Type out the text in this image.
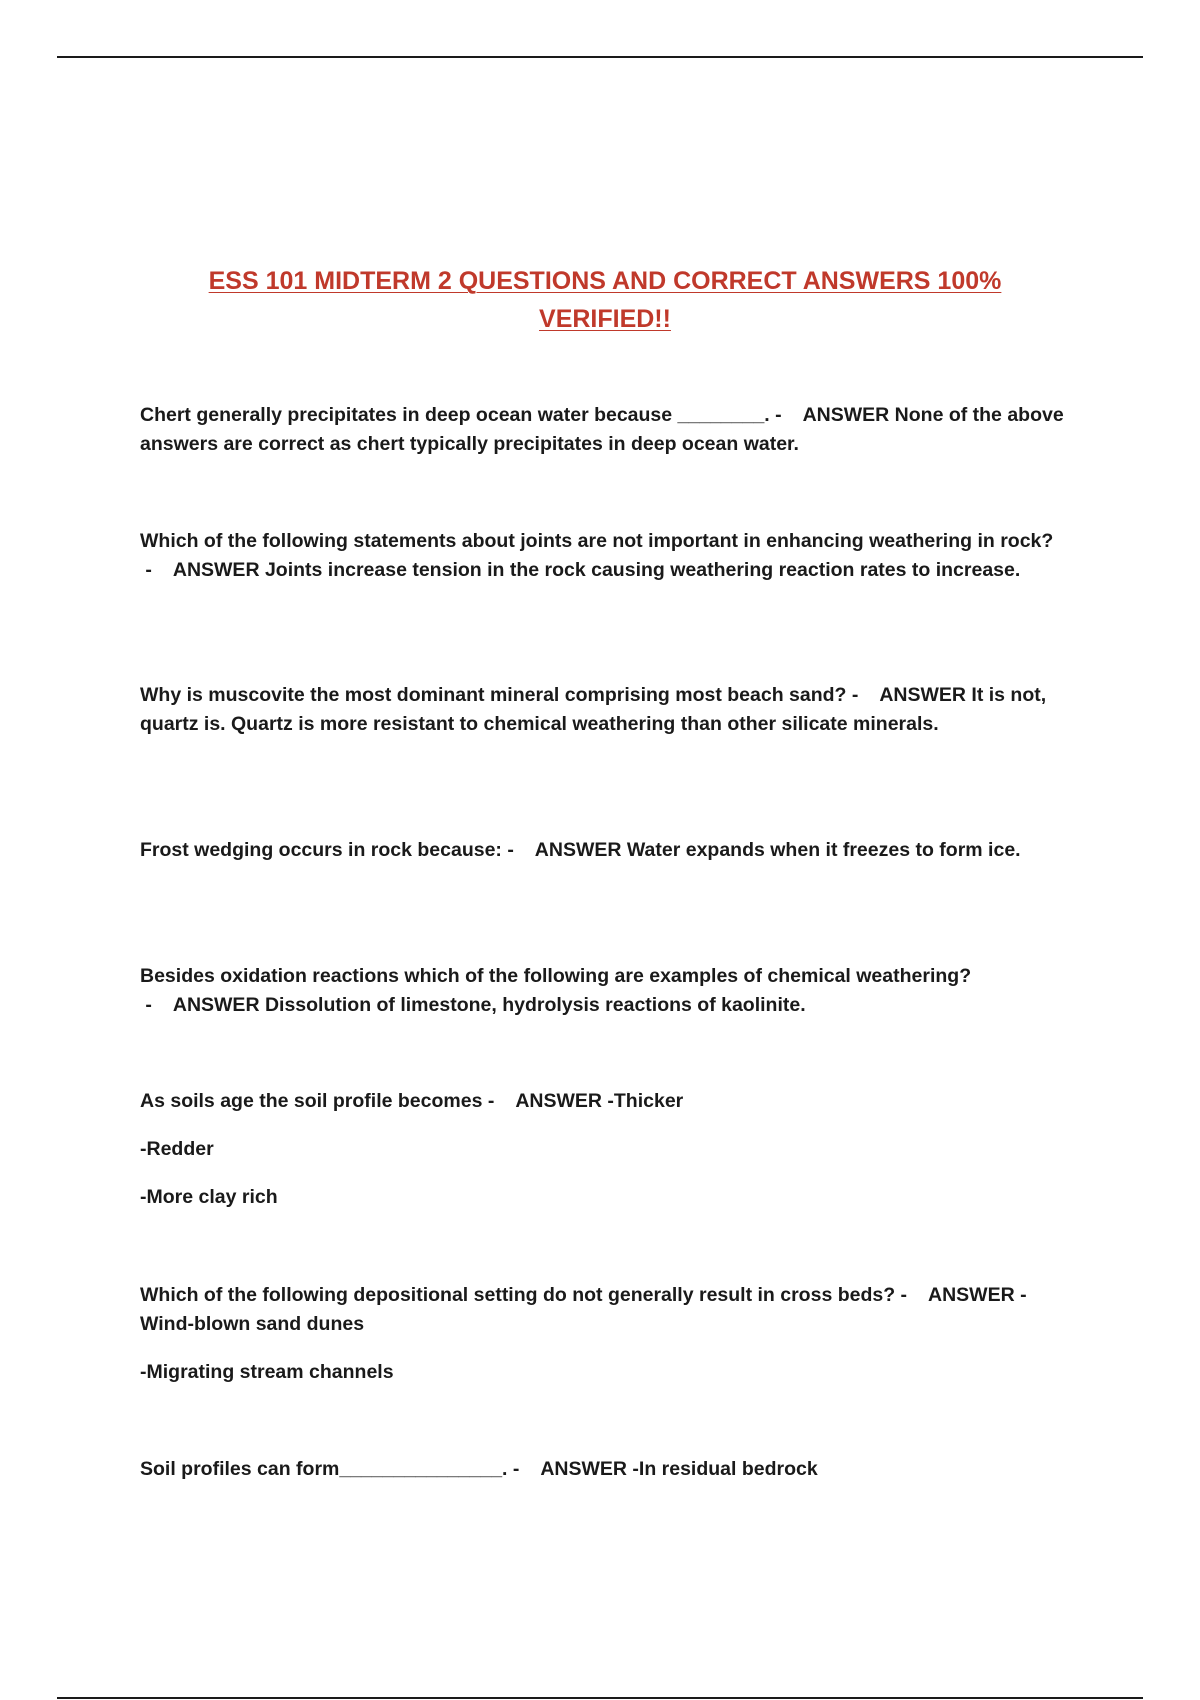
ESS 101 MIDTERM 2 QUESTIONS AND CORRECT ANSWERS 100%
VERIFIED!!

Chert generally precipitates in deep ocean water because ________. -    ANSWER None of the above answers are correct as chert typically precipitates in deep ocean water.

Which of the following statements about joints are not important in enhancing weathering in rock? -    ANSWER Joints increase tension in the rock causing weathering reaction rates to increase.

Why is muscovite the most dominant mineral comprising most beach sand? -    ANSWER It is not, quartz is. Quartz is more resistant to chemical weathering than other silicate minerals.

Frost wedging occurs in rock because: -    ANSWER Water expands when it freezes to form ice.

Besides oxidation reactions which of the following are examples of chemical weathering? -    ANSWER Dissolution of limestone, hydrolysis reactions of kaolinite.

As soils age the soil profile becomes -    ANSWER -Thicker

-Redder

-More clay rich

Which of the following depositional setting do not generally result in cross beds? -    ANSWER -Wind-blown sand dunes

-Migrating stream channels

Soil profiles can form_______________. -    ANSWER -In residual bedrock
